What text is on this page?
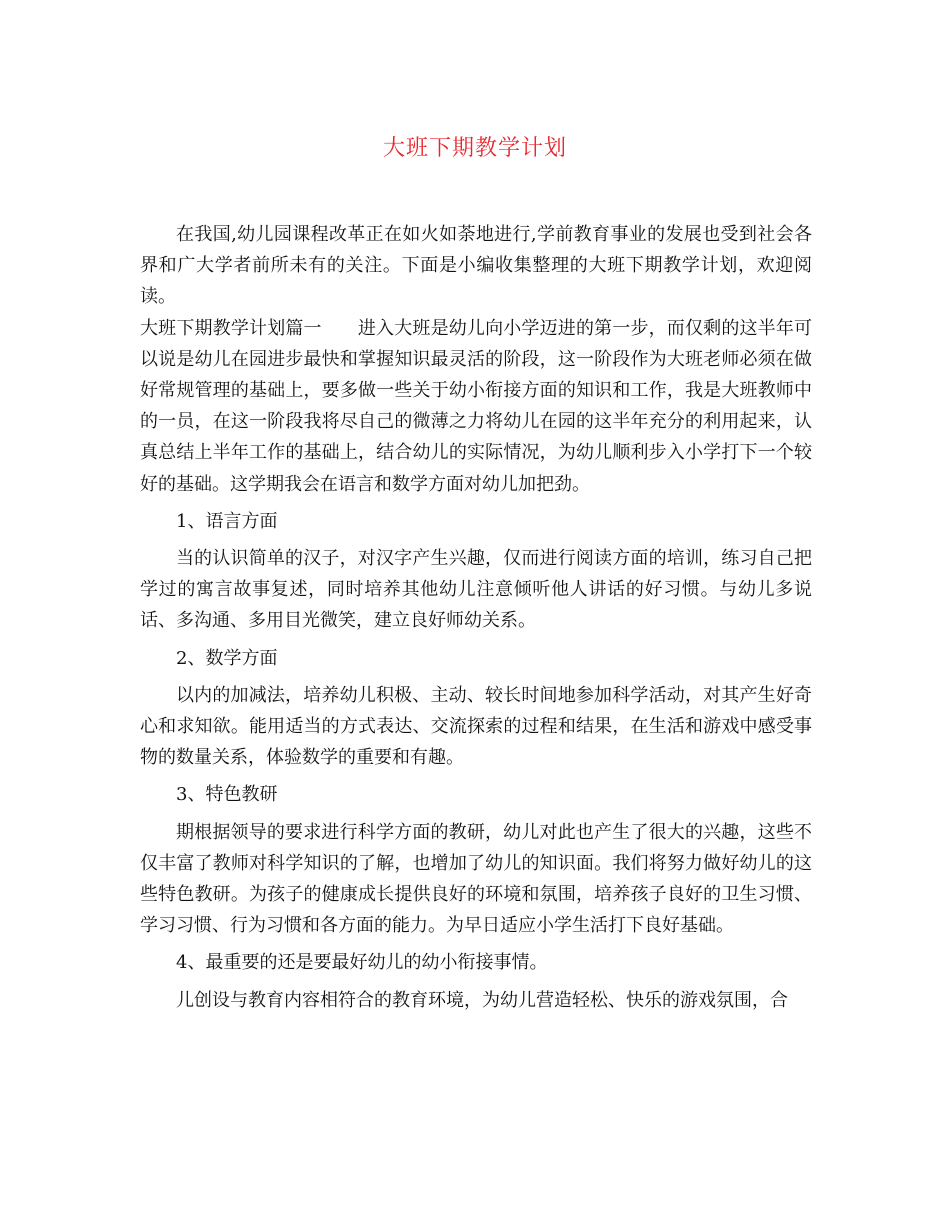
大班下期教学计划

在我国,幼儿园课程改革正在如火如荼地进行,学前教育事业的发展也受到社会各界和广大学者前所未有的关注。下面是小编收集整理的大班下期教学计划，欢迎阅读。

大班下期教学计划篇一 进入大班是幼儿向小学迈进的第一步，而仅剩的这半年可以说是幼儿在园进步最快和掌握知识最灵活的阶段，这一阶段作为大班老师必须在做好常规管理的基础上，要多做一些关于幼小衔接方面的知识和工作，我是大班教师中的一员，在这一阶段我将尽自己的微薄之力将幼儿在园的这半年充分的利用起来，认真总结上半年工作的基础上，结合幼儿的实际情况，为幼儿顺利步入小学打下一个较好的基础。这学期我会在语言和数学方面对幼儿加把劲。

1、语言方面

当的认识简单的汉子，对汉字产生兴趣，仅而进行阅读方面的培训，练习自己把学过的寓言故事复述，同时培养其他幼儿注意倾听他人讲话的好习惯。与幼儿多说话、多沟通、多用目光微笑，建立良好师幼关系。

2、数学方面

以内的加减法，培养幼儿积极、主动、较长时间地参加科学活动，对其产生好奇心和求知欲。能用适当的方式表达、交流探索的过程和结果，在生活和游戏中感受事物的数量关系，体验数学的重要和有趣。

3、特色教研

期根据领导的要求进行科学方面的教研，幼儿对此也产生了很大的兴趣，这些不仅丰富了教师对科学知识的了解，也增加了幼儿的知识面。我们将努力做好幼儿的这些特色教研。为孩子的健康成长提供良好的环境和氛围，培养孩子良好的卫生习惯、学习习惯、行为习惯和各方面的能力。为早日适应小学生活打下良好基础。

4、最重要的还是要最好幼儿的幼小衔接事情。

儿创设与教育内容相符合的教育环境，为幼儿营造轻松、快乐的游戏氛围，合
